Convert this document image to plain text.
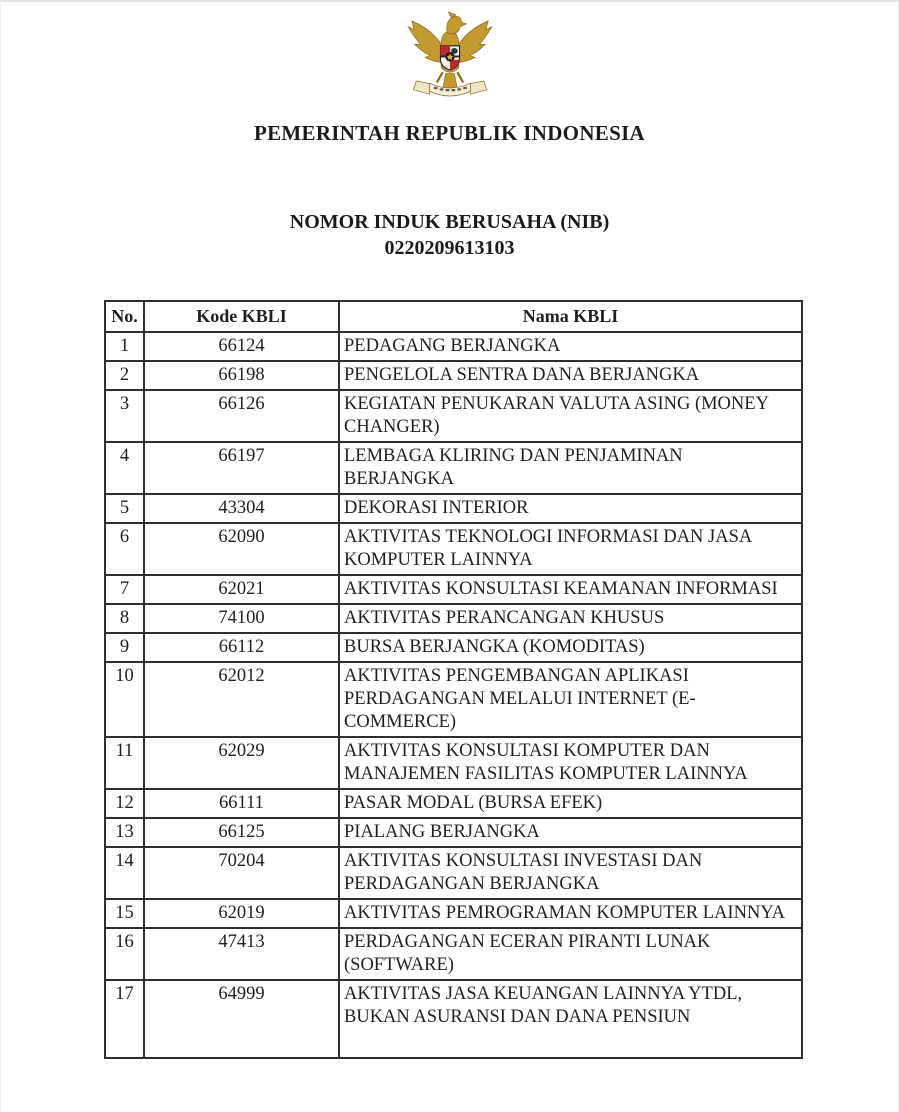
PEMERINTAH REPUBLIK INDONESIA
NOMOR INDUK BERUSAHA (NIB)
0220209613103
No.	Kode KBLI	Nama KBLI
1	66124	PEDAGANG BERJANGKA
2	66198	PENGELOLA SENTRA DANA BERJANGKA
3	66126	KEGIATAN PENUKARAN VALUTA ASING (MONEY CHANGER)
4	66197	LEMBAGA KLIRING DAN PENJAMINAN BERJANGKA
5	43304	DEKORASI INTERIOR
6	62090	AKTIVITAS TEKNOLOGI INFORMASI DAN JASA KOMPUTER LAINNYA
7	62021	AKTIVITAS KONSULTASI KEAMANAN INFORMASI
8	74100	AKTIVITAS PERANCANGAN KHUSUS
9	66112	BURSA BERJANGKA (KOMODITAS)
10	62012	AKTIVITAS PENGEMBANGAN APLIKASI PERDAGANGAN MELALUI INTERNET (E-COMMERCE)
11	62029	AKTIVITAS KONSULTASI KOMPUTER DAN MANAJEMEN FASILITAS KOMPUTER LAINNYA
12	66111	PASAR MODAL (BURSA EFEK)
13	66125	PIALANG BERJANGKA
14	70204	AKTIVITAS KONSULTASI INVESTASI DAN PERDAGANGAN BERJANGKA
15	62019	AKTIVITAS PEMROGRAMAN KOMPUTER LAINNYA
16	47413	PERDAGANGAN ECERAN PIRANTI LUNAK (SOFTWARE)
17	64999	AKTIVITAS JASA KEUANGAN LAINNYA YTDL, BUKAN ASURANSI DAN DANA PENSIUN
